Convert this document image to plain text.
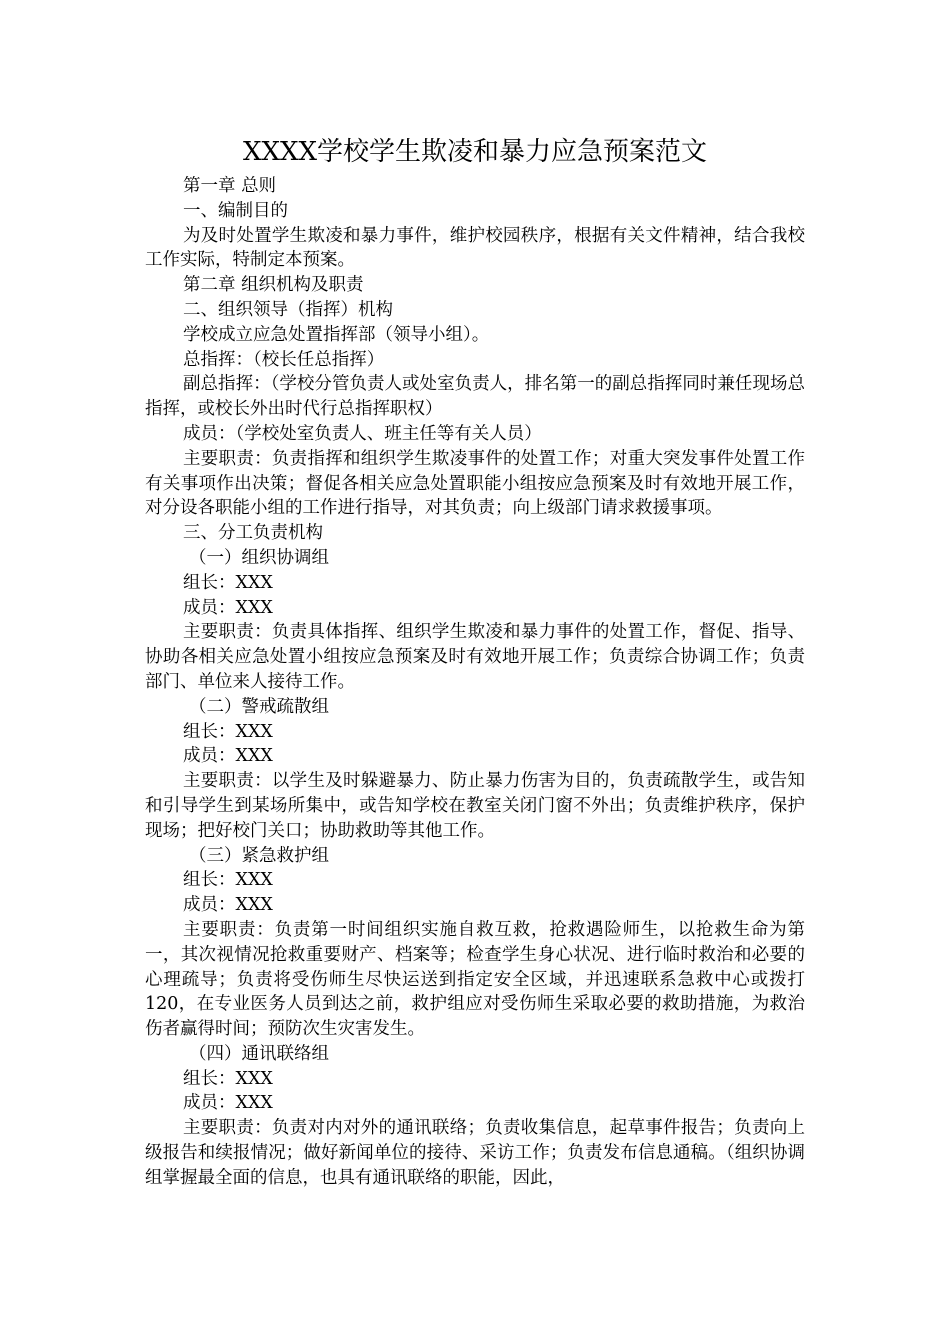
XXXX学校学生欺凌和暴力应急预案范文

第一章 总则

一、编制目的

为及时处置学生欺凌和暴力事件，维护校园秩序，根据有关文件精神，结合我校工作实际，特制定本预案。

第二章 组织机构及职责

二、组织领导（指挥）机构

学校成立应急处置指挥部（领导小组）。

总指挥：（校长任总指挥）

副总指挥：（学校分管负责人或处室负责人，排名第一的副总指挥同时兼任现场总指挥，或校长外出时代行总指挥职权）

成员：（学校处室负责人、班主任等有关人员）

主要职责：负责指挥和组织学生欺凌事件的处置工作；对重大突发事件处置工作有关事项作出决策；督促各相关应急处置职能小组按应急预案及时有效地开展工作，对分设各职能小组的工作进行指导，对其负责；向上级部门请求救援事项。

三、分工负责机构

（一）组织协调组

组长：XXX

成员：XXX

主要职责：负责具体指挥、组织学生欺凌和暴力事件的处置工作，督促、指导、协助各相关应急处置小组按应急预案及时有效地开展工作；负责综合协调工作；负责部门、单位来人接待工作。

（二）警戒疏散组

组长：XXX

成员：XXX

主要职责：以学生及时躲避暴力、防止暴力伤害为目的，负责疏散学生，或告知和引导学生到某场所集中，或告知学校在教室关闭门窗不外出；负责维护秩序，保护现场；把好校门关口；协助救助等其他工作。

（三）紧急救护组

组长：XXX

成员：XXX

主要职责：负责第一时间组织实施自救互救，抢救遇险师生，以抢救生命为第一，其次视情况抢救重要财产、档案等；检查学生身心状况、进行临时救治和必要的心理疏导；负责将受伤师生尽快运送到指定安全区域，并迅速联系急救中心或拨打120，在专业医务人员到达之前，救护组应对受伤师生采取必要的救助措施，为救治伤者赢得时间；预防次生灾害发生。

（四）通讯联络组

组长：XXX

成员：XXX

主要职责：负责对内对外的通讯联络；负责收集信息，起草事件报告；负责向上级报告和续报情况；做好新闻单位的接待、采访工作；负责发布信息通稿。（组织协调组掌握最全面的信息，也具有通讯联络的职能，因此，
